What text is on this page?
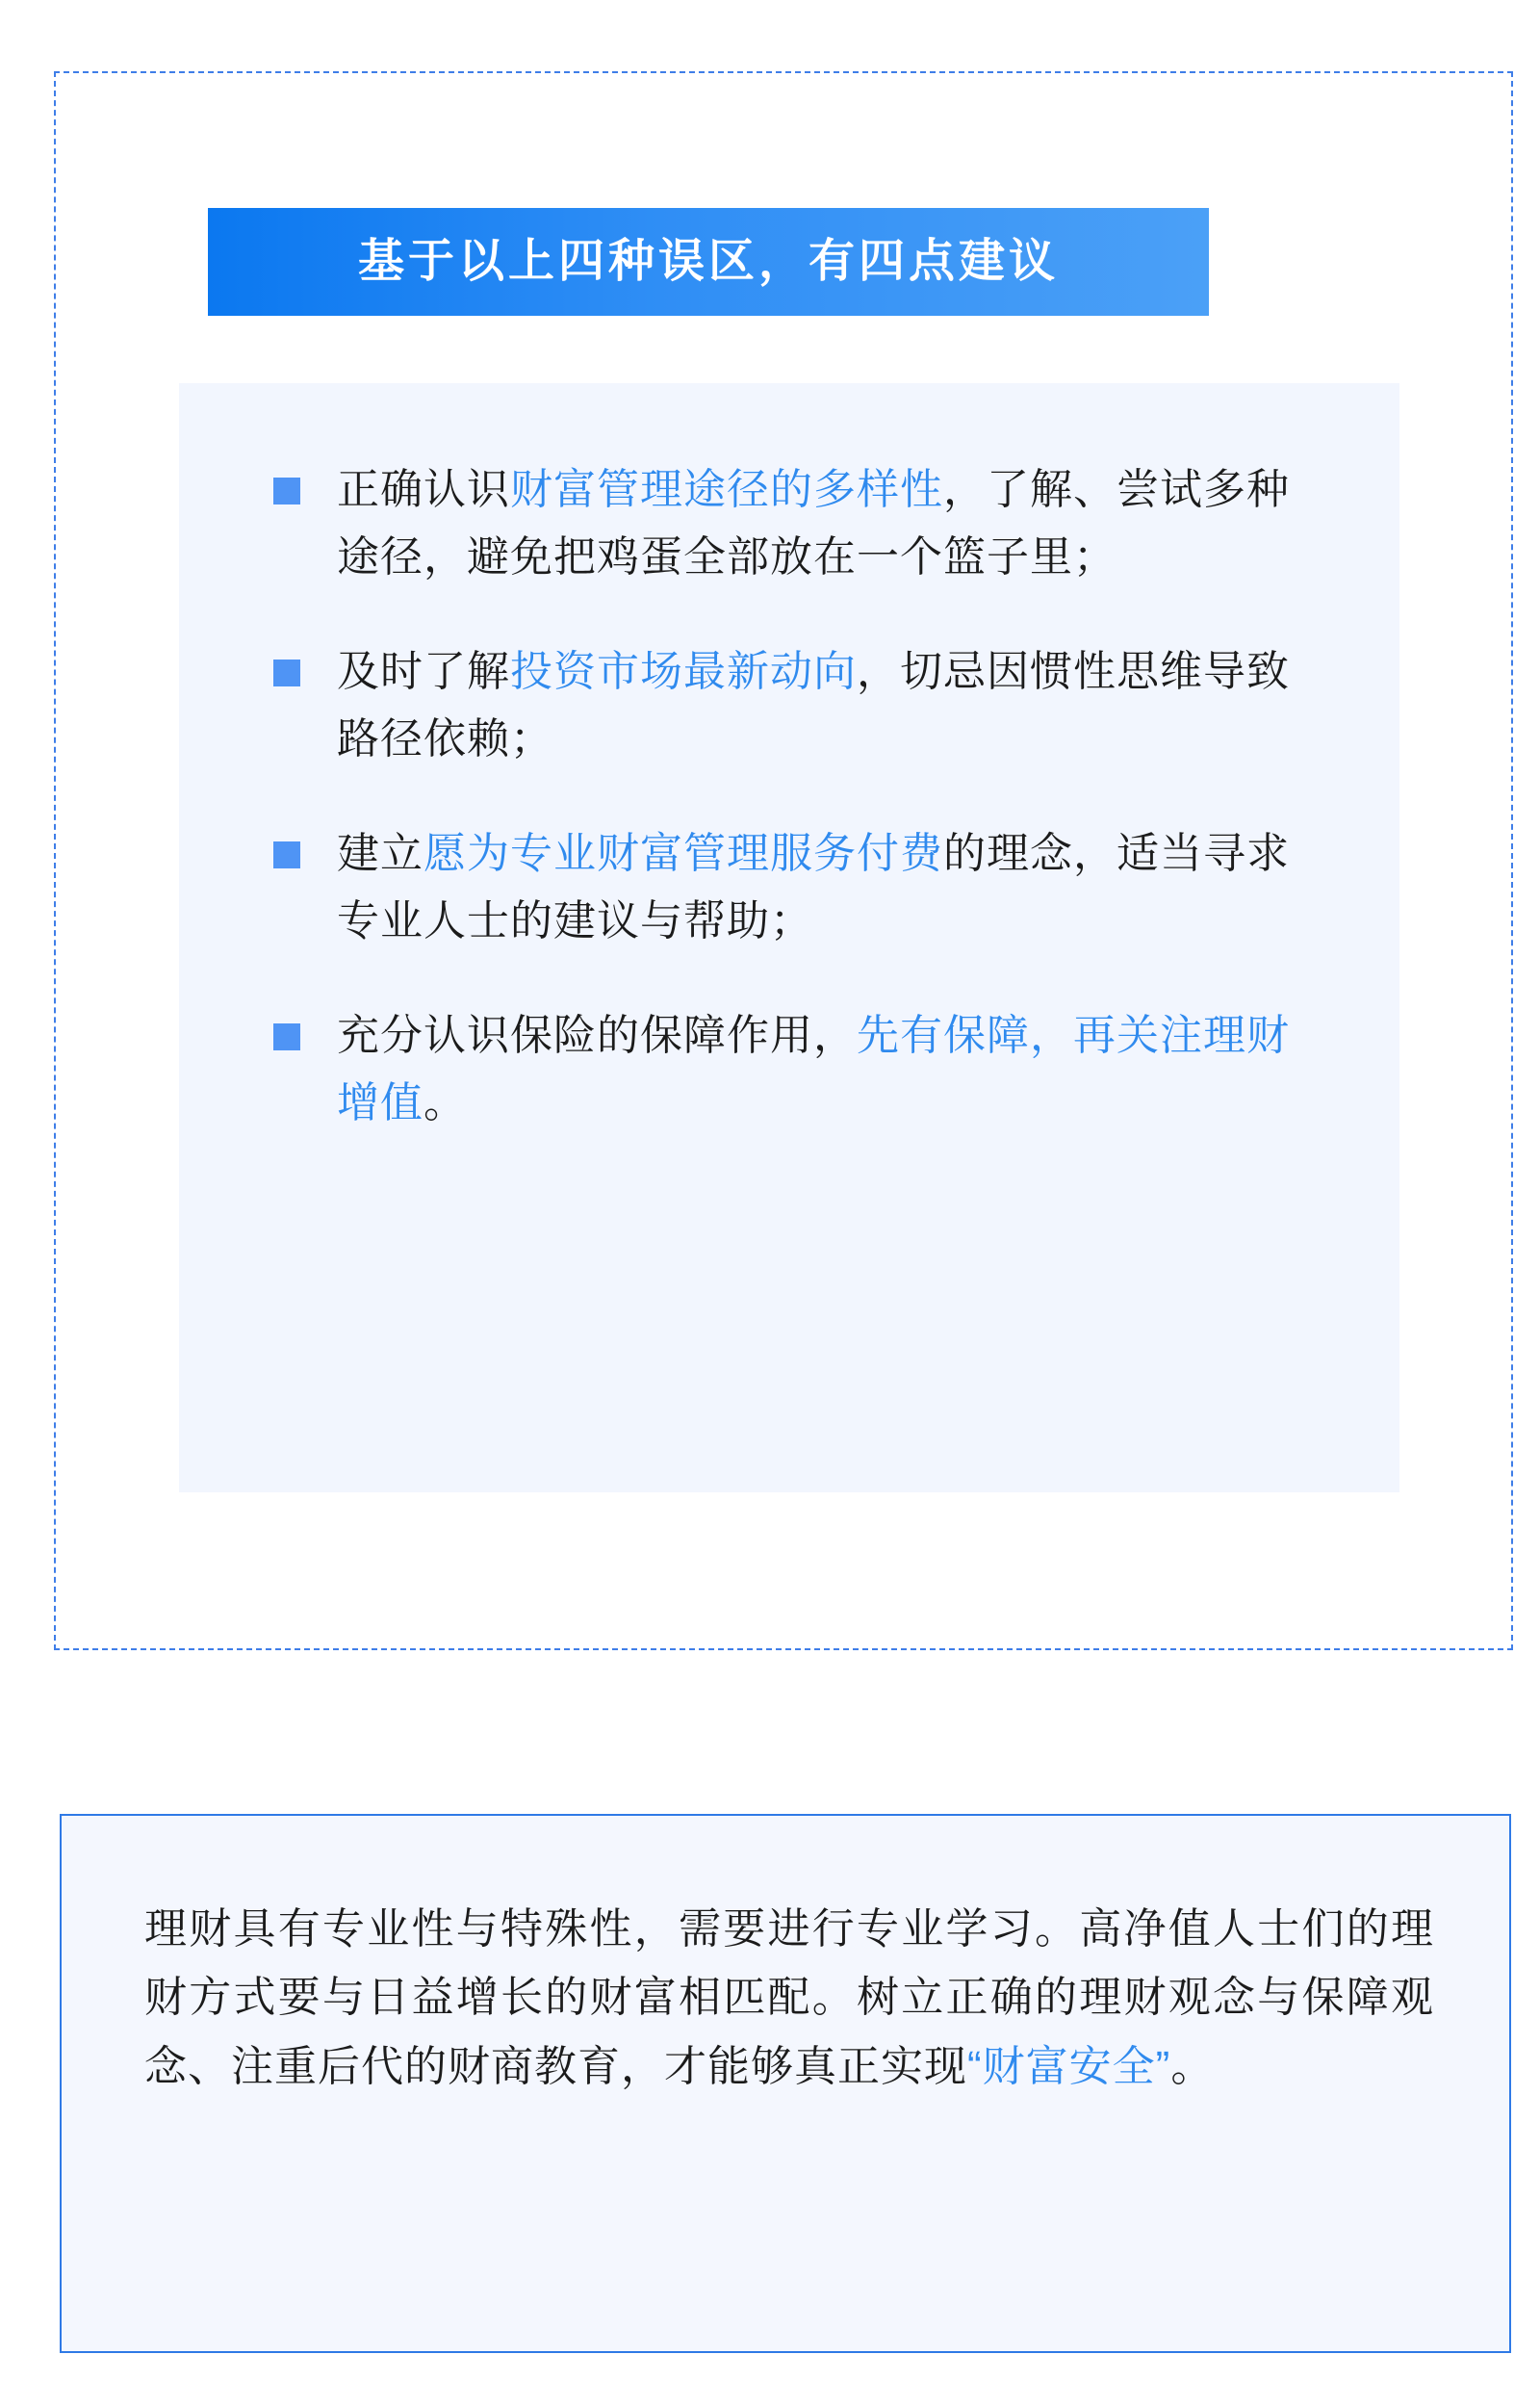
基于以上四种误区，有四点建议
正确认识财富管理途径的多样性，了解、尝试多种途径，避免把鸡蛋全部放在一个篮子里；
及时了解投资市场最新动向，切忌因惯性思维导致路径依赖；
建立愿为专业财富管理服务付费的理念，适当寻求专业人士的建议与帮助；
充分认识保险的保障作用，先有保障，再关注理财增值。
理财具有专业性与特殊性，需要进行专业学习。高净值人士们的理财方式要与日益增长的财富相匹配。树立正确的理财观念与保障观念、注重后代的财商教育，才能够真正实现“财富安全”。
